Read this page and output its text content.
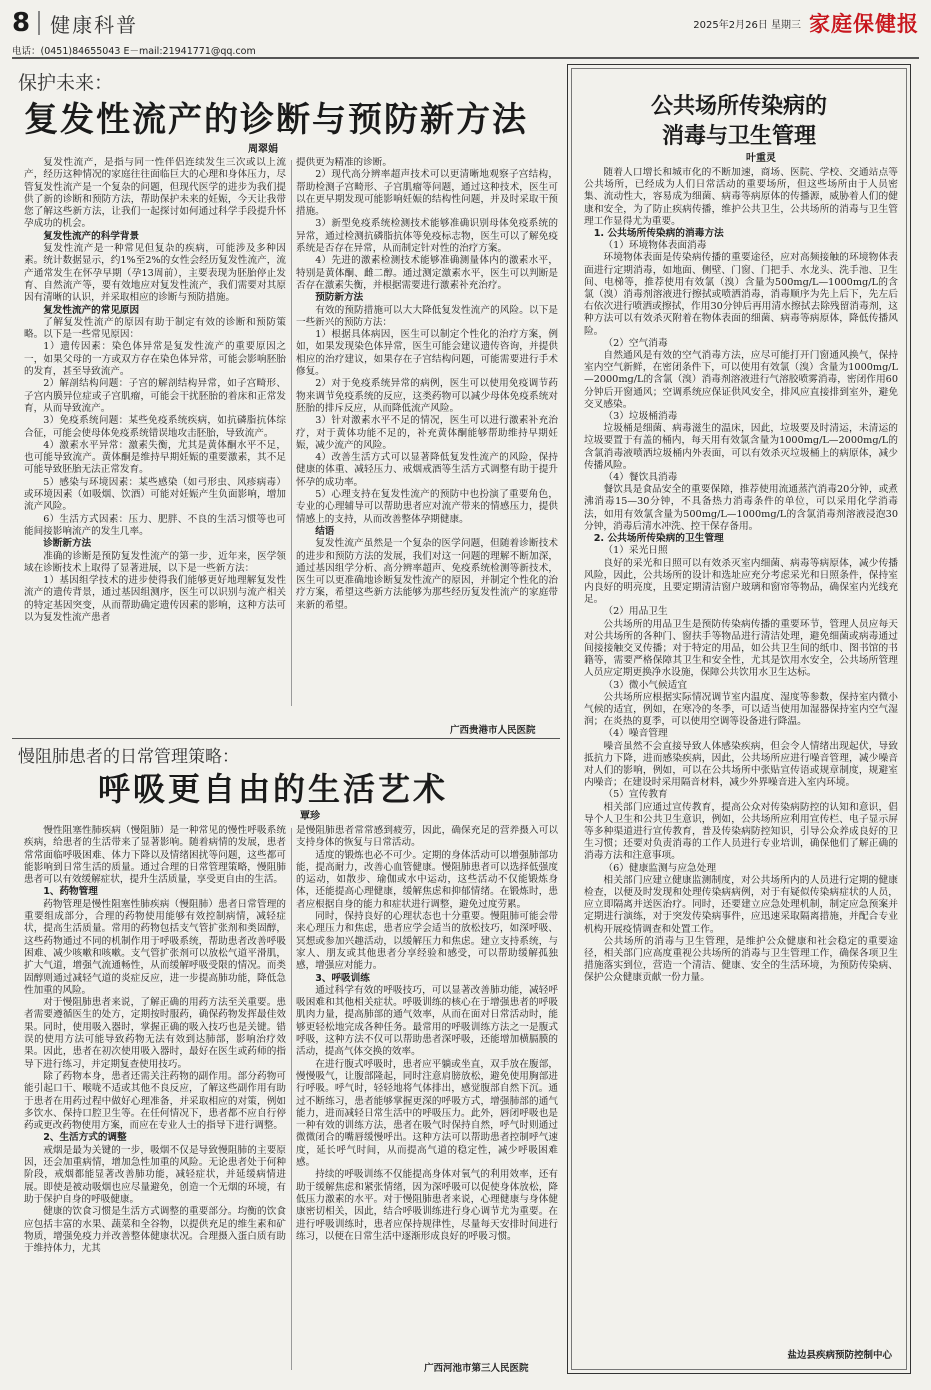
8 健康科普	2025年2月26日 星期三 家庭保健报
电话：(0451)84655043 E－mail:21941771@qq.com
保护未来：
复发性流产的诊断与预防新方法
周翠娟

复发性流产，是指与同一性伴侣连续发生三次或以上流产，经历这种情况的家庭往往面临巨大的心理和身体压力，尽管复发性流产是一个复杂的问题，但现代医学的进步为我们提供了新的诊断和预防方法，帮助保护未来的妊娠，今天让我带您了解这些新方法，让我们一起探讨如何通过科学手段提升怀孕成功的机会。

复发性流产的科学背景

复发性流产是一种常见但复杂的疾病，可能涉及多种因素。统计数据显示，约1%至2%的女性会经历复发性流产，流产通常发生在怀孕早期（孕13周前），主要表现为胚胎停止发育、自然流产等，要有效地应对复发性流产，我们需要对其原因有清晰的认识，并采取相应的诊断与预防措施。

复发性流产的常见原因

了解复发性流产的原因有助于制定有效的诊断和预防策略。以下是一些常见原因：

1）遗传因素：染色体异常是复发性流产的重要原因之一，如果父母的一方或双方存在染色体异常，可能会影响胚胎的发育，甚至导致流产。

2）解剖结构问题：子宫的解剖结构异常，如子宫畸形、子宫内膜异位症或子宫肌瘤，可能会干扰胚胎的着床和正常发育，从而导致流产。

3）免疫系统问题：某些免疫系统疾病，如抗磷脂抗体综合征，可能会使母体免疫系统错误地攻击胚胎，导致流产。

4）激素水平异常：激素失衡，尤其是黄体酮水平不足，也可能导致流产。黄体酮是维持早期妊娠的重要激素，其不足可能导致胚胎无法正常发育。

5）感染与环境因素：某些感染（如弓形虫、风疹病毒）或环境因素（如吸烟、饮酒）可能对妊娠产生负面影响，增加流产风险。

6）生活方式因素：压力、肥胖、不良的生活习惯等也可能间接影响流产的发生几率。

诊断新方法

准确的诊断是预防复发性流产的第一步，近年来，医学领域在诊断技术上取得了显著进展，以下是一些新方法：

1）基因组学技术的进步使得我们能够更好地理解复发性流产的遗传背景，通过基因组测序，医生可以识别与流产相关的特定基因突变，从而帮助确定遗传因素的影响，这种方法可以为复发性流产患者

提供更为精准的诊断。

2）现代高分辨率超声技术可以更清晰地观察子宫结构，帮助检测子宫畸形、子宫肌瘤等问题，通过这种技术，医生可以在更早期发现可能影响妊娠的结构性问题，并及时采取干预措施。

3）新型免疫系统检测技术能够准确识别母体免疫系统的异常，通过检测抗磷脂抗体等免疫标志物，医生可以了解免疫系统是否存在异常，从而制定针对性的治疗方案。

4）先进的激素检测技术能够准确测量体内的激素水平，特别是黄体酮、雌二醇。通过测定激素水平，医生可以判断是否存在激素失衡，并根据需要进行激素补充治疗。

预防新方法

有效的预防措施可以大大降低复发性流产的风险。以下是一些新兴的预防方法：

1）根据具体病因，医生可以制定个性化的治疗方案，例如，如果发现染色体异常，医生可能会建议遗传咨询，并提供相应的治疗建议，如果存在子宫结构问题，可能需要进行手术修复。

2）对于免疫系统异常的病例，医生可以使用免疫调节药物来调节免疫系统的反应，这类药物可以减少母体免疫系统对胚胎的排斥反应，从而降低流产风险。

3）针对激素水平不足的情况，医生可以进行激素补充治疗，对于黄体功能不足的，补充黄体酮能够帮助维持早期妊娠，减少流产的风险。

4）改善生活方式可以显著降低复发性流产的风险，保持健康的体重、减轻压力、戒烟戒酒等生活方式调整有助于提升怀孕的成功率。

5）心理支持在复发性流产的预防中也扮演了重要角色，专业的心理辅导可以帮助患者应对流产带来的情感压力，提供情感上的支持，从而改善整体孕期健康。

结语

复发性流产虽然是一个复杂的医学问题，但随着诊断技术的进步和预防方法的发展，我们对这一问题的理解不断加深，通过基因组学分析、高分辨率超声、免疫系统检测等新技术，医生可以更准确地诊断复发性流产的原因，并制定个性化的治疗方案，希望这些新方法能够为那些经历复发性流产的家庭带来新的希望。

广西贵港市人民医院
慢阻肺患者的日常管理策略：
呼吸更自由的生活艺术
覃珍

慢性阻塞性肺疾病（慢阻肺）是一种常见的慢性呼吸系统疾病，给患者的生活带来了显著影响。随着病情的发展，患者常常面临呼吸困难、体力下降以及情绪困扰等问题，这些都可能影响到日常生活的质量。通过合理的日常管理策略，慢阻肺患者可以有效缓解症状，提升生活质量，享受更自由的生活。

1、药物管理

药物管理是慢性阻塞性肺疾病（慢阻肺）患者日常管理的重要组成部分，合理的药物使用能够有效控制病情，减轻症状，提高生活质量。常用的药物包括支气管扩张剂和类固醇，这些药物通过不同的机制作用于呼吸系统，帮助患者改善呼吸困难、减少咳嗽和咳嗽。支气管扩张剂可以放松气道平滑肌，扩大气道，增强气流通畅性，从而缓解呼吸受限的情况。而类固醇则通过减轻气道的炎症反应，进一步提高肺功能，降低急性加重的风险。

对于慢阻肺患者来说，了解正确的用药方法至关重要。患者需要遵循医生的处方，定期按时服药，确保药物发挥最佳效果。同时，使用吸入器时，掌握正确的吸入技巧也是关键。错误的使用方法可能导致药物无法有效到达肺部，影响治疗效果。因此，患者在初次使用吸入器时，最好在医生或药师的指导下进行练习，并定期复查使用技巧。

除了药物本身，患者还需关注药物的副作用。部分药物可能引起口干、喉咙不适或其他不良反应，了解这些副作用有助于患者在用药过程中做好心理准备，并采取相应的对策，例如多饮水、保持口腔卫生等。在任何情况下，患者都不应自行停药或更改药物使用方案，而应在专业人士的指导下进行调整。

2、生活方式的调整

戒烟是最为关键的一步，吸烟不仅是导致慢阻肺的主要原因，还会加重病情，增加急性加重的风险。无论患者处于何种阶段，戒烟都能显著改善肺功能，减轻症状，并延缓病情进展。即使是被动吸烟也应尽量避免，创造一个无烟的环境，有助于保护自身的呼吸健康。

健康的饮食习惯是生活方式调整的重要部分。均衡的饮食应包括丰富的水果、蔬菜和全谷物，以提供充足的维生素和矿物质，增强免疫力并改善整体健康状况。合理摄入蛋白质有助于维持体力，尤其

是慢阻肺患者常常感到疲劳，因此，确保充足的营养摄入可以支持身体的恢复与日常活动。

适度的锻炼也必不可少。定期的身体活动可以增强肺部功能，提高耐力，改善心血管健康。慢阻肺患者可以选择低强度的运动，如散步、瑜伽或水中运动，这些活动不仅能锻炼身体，还能提高心理健康，缓解焦虑和抑郁情绪。在锻炼时，患者应根据自身的能力和症状进行调整，避免过度劳累。

同时，保持良好的心理状态也十分重要。慢阻肺可能会带来心理压力和焦虑，患者应学会适当的放松技巧，如深呼吸、冥想或参加兴趣活动，以缓解压力和焦虑。建立支持系统，与家人、朋友或其他患者分享经验和感受，可以帮助缓解孤独感，增强应对能力。

3、呼吸训练

通过科学有效的呼吸技巧，可以显著改善肺功能，减轻呼吸困难和其他相关症状。呼吸训练的核心在于增强患者的呼吸肌肉力量，提高肺部的通气效率，从而在面对日常活动时，能够更轻松地完成各种任务。最常用的呼吸训练方法之一是腹式呼吸，这种方法不仅可以帮助患者深呼吸，还能增加横膈膜的活动，提高气体交换的效率。

在进行腹式呼吸时，患者应平躺或坐直，双手放在腹部，慢慢吸气，让腹部隆起，同时注意肩膀放松，避免使用胸部进行呼吸。呼气时，轻轻地将气体排出，感觉腹部自然下沉。通过不断练习，患者能够掌握更深的呼吸方式，增强肺部的通气能力，进而减轻日常生活中的呼吸压力。此外，唇闭呼吸也是一种有效的训练方法，患者在吸气时保持自然，呼气时则通过微微闭合的嘴唇缓慢呼出。这种方法可以帮助患者控制呼气速度，延长呼气时间，从而提高气道的稳定性，减少呼吸困难感。

持续的呼吸训练不仅能提高身体对氧气的利用效率，还有助于缓解焦虑和紧张情绪，因为深呼吸可以促使身体放松，降低压力激素的水平。对于慢阻肺患者来说，心理健康与身体健康密切相关，因此，结合呼吸训练进行身心调节尤为重要。在进行呼吸训练时，患者应保持规律性，尽量每天安排时间进行练习，以便在日常生活中逐渐形成良好的呼吸习惯。

广西河池市第三人民医院
公共场所传染病的
消毒与卫生管理
叶重灵

随着人口增长和城市化的不断加速，商场、医院、学校、交通站点等公共场所，已经成为人们日常活动的重要场所，但这些场所由于人员密集、流动性大，容易成为细菌、病毒等病原体的传播源，威胁着人们的健康和安全，为了防止疾病传播，维护公共卫生，公共场所的消毒与卫生管理工作显得尤为重要。

1. 公共场所传染病的消毒方法
（1）环境物体表面消毒

环境物体表面是传染病传播的重要途径，应对高频接触的环境物体表面进行定期消毒，如地面、侧壁、门窗、门把手、水龙头、洗手池、卫生间、电梯等，推荐使用有效氯（溴）含量为500mg/L—1000mg/L的含氯（溴）消毒剂溶液进行擦拭或喷洒消毒，消毒顺序为先上后下，先左后右依次进行喷洒或擦拭，作用30分钟后再用清水擦拭去除残留消毒剂，这种方法可以有效杀灭附着在物体表面的细菌、病毒等病原体，降低传播风险。

（2）空气消毒

自然通风是有效的空气消毒方法，应尽可能打开门窗通风换气，保持室内空气新鲜，在密闭条件下，可以使用有效氯（溴）含量为1000mg/L—2000mg/L的含氯（溴）消毒剂溶液进行气溶胶喷雾消毒，密闭作用60分钟后开窗通风；空调系统应保证供风安全，排风应直接排到室外，避免交叉感染。

（3）垃圾桶消毒

垃圾桶是细菌、病毒滋生的温床，因此，垃圾要及时清运，未清运的垃圾要置于有盖的桶内，每天用有效氯含量为1000mg/L—2000mg/L的含氯消毒液喷洒垃圾桶内外表面，可以有效杀灭垃圾桶上的病原体，减少传播风险。

（4）餐饮具消毒

餐饮具是食品安全的重要保障，推荐使用流通蒸汽消毒20分钟，或煮沸消毒15—30分钟，不具备热力消毒条件的单位，可以采用化学消毒法，如用有效氯含量为500mg/L—1000mg/L的含氯消毒剂溶液浸泡30分钟，消毒后清水冲洗、控干保存备用。

2. 公共场所传染病的卫生管理
（1）采光日照

良好的采光和日照可以有效杀灭室内细菌、病毒等病原体，减少传播风险，因此，公共场所的设计和选址应充分考虑采光和日照条件，保持室内良好的明亮度，且要定期清洁窗户玻璃和窗帘等物品，确保室内光线充足。

（2）用品卫生

公共场所的用品卫生是预防传染病传播的重要环节，管理人员应每天对公共场所的各种门、窗扶手等物品进行清洁处理，避免细菌或病毒通过间接接触交叉传播；对于特定的用品，如公共卫生间的纸巾、图书馆的书籍等，需要严格保障其卫生和安全性，尤其是饮用水安全，公共场所管理人员应定期更换净水设施，保障公共饮用水卫生达标。

（3）微小气候适宜

公共场所应根据实际情况调节室内温度、湿度等参数，保持室内微小气候的适宜，例如，在寒冷的冬季，可以适当使用加湿器保持室内空气湿润；在炎热的夏季，可以使用空调等设备进行降温。

（4）噪音管理

噪音虽然不会直接导致人体感染疾病，但会令人情绪出现起伏，导致抵抗力下降，进而感染疾病，因此，公共场所应进行噪音管理，减少噪音对人们的影响，例如，可以在公共场所中张贴宣传语或规章制度，规避室内噪音；在建设时采用隔音材料，减少外界噪音进入室内环境。

（5）宣传教育

相关部门应通过宣传教育，提高公众对传染病防控的认知和意识，倡导个人卫生和公共卫生意识，例如，公共场所应利用宣传栏、电子显示屏等多种渠道进行宣传教育，普及传染病防控知识，引导公众养成良好的卫生习惯；还要对负责消毒的工作人员进行专业培训，确保他们了解正确的消毒方法和注意事项。

（6）健康监测与应急处理

相关部门应建立健康监测制度，对公共场所内的人员进行定期的健康检查，以便及时发现和处理传染病病例，对于有疑似传染病症状的人员，应立即隔离并送医治疗。同时，还要建立应急处理机制，制定应急预案并定期进行演练，对于突发传染病事件，应迅速采取隔离措施，并配合专业机构开展疫情调查和处置工作。

公共场所的消毒与卫生管理，是维护公众健康和社会稳定的重要途径，相关部门应高度重视公共场所的消毒与卫生管理工作，确保各项卫生措施落实到位，营造一个清洁、健康、安全的生活环境，为预防传染病、保护公众健康贡献一份力量。

盐边县疾病预防控制中心
